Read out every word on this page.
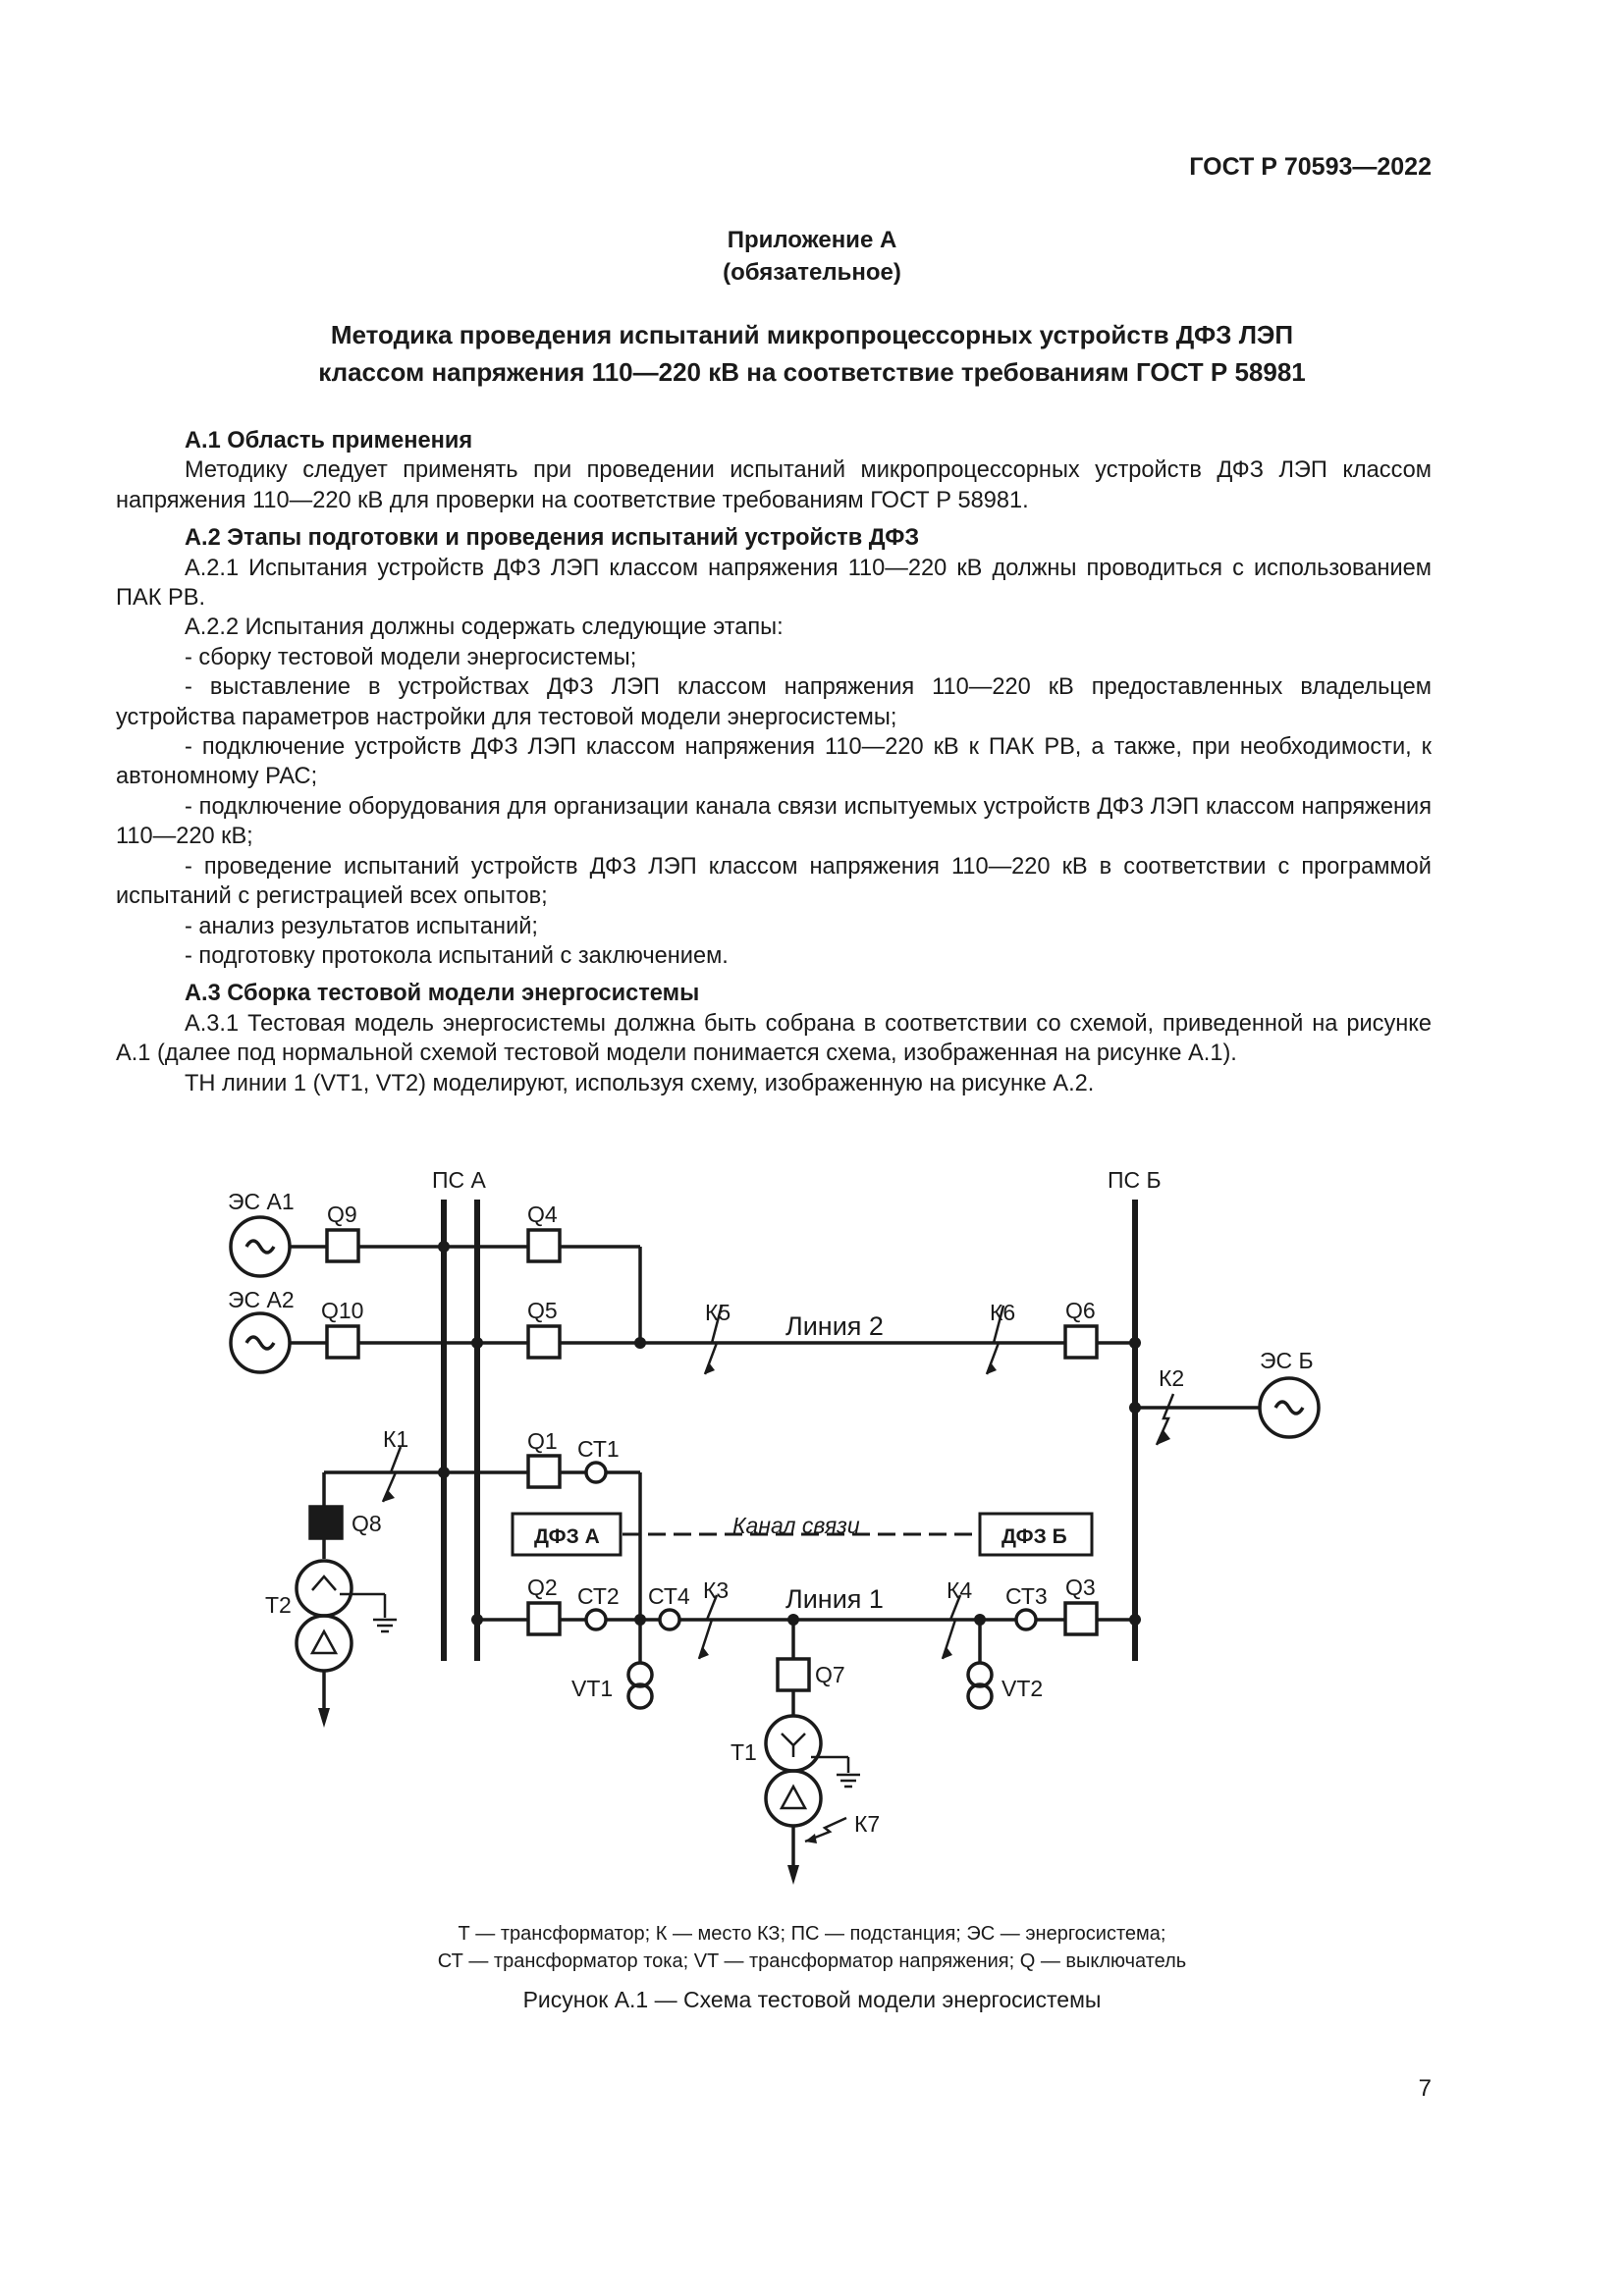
ГОСТ Р 70593—2022
Приложение А
(обязательное)
Методика проведения испытаний микропроцессорных устройств ДФЗ ЛЭП
классом напряжения 110—220 кВ на соответствие требованиям ГОСТ Р 58981

А.1 Область применения

Методику следует применять при проведении испытаний микропроцессорных устройств ДФЗ ЛЭП классом напряжения 110—220 кВ для проверки на соответствие требованиям ГОСТ Р 58981.

А.2 Этапы подготовки и проведения испытаний устройств ДФЗ

А.2.1 Испытания устройств ДФЗ ЛЭП классом напряжения 110—220 кВ должны проводиться с использованием ПАК РВ.

А.2.2 Испытания должны содержать следующие этапы:

- сборку тестовой модели энергосистемы;

- выставление в устройствах ДФЗ ЛЭП классом напряжения 110—220 кВ предоставленных владельцем устройства параметров настройки для тестовой модели энергосистемы;

- подключение устройств ДФЗ ЛЭП классом напряжения 110—220 кВ к ПАК РВ, а также, при необходимости, к автономному РАС;

- подключение оборудования для организации канала связи испытуемых устройств ДФЗ ЛЭП классом напряжения 110—220 кВ;

- проведение испытаний устройств ДФЗ ЛЭП классом напряжения 110—220 кВ в соответствии с программой испытаний с регистрацией всех опытов;

- анализ результатов испытаний;

- подготовку протокола испытаний с заключением.

А.3 Сборка тестовой модели энергосистемы

А.3.1 Тестовая модель энергосистемы должна быть собрана в соответствии со схемой, приведенной на рисунке А.1 (далее под нормальной схемой тестовой модели понимается схема, изображенная на рисунке А.1).

ТН линии 1 (VT1, VT2) моделируют, используя схему, изображенную на рисунке А.2.

ПС А	ПС Б
ЭС А1
ЭС А2
ЭС Б
Q9	Q4
Q10	Q5	Q6
К5	К6
Линия 2
К2
К1	Q1 СТ1
Q8
ДФЗ А	ДФЗ Б
Канал связи
Т2
Q2 СТ2 СТ4 К3 Линия 1	К4 СТ3 Q3
VT1	VT2
Q7
Т1
К7
Т — трансформатор; К — место КЗ; ПС — подстанция; ЭС — энергосистема;
СТ — трансформатор тока; VT — трансформатор напряжения; Q — выключатель
Рисунок А.1 — Схема тестовой модели энергосистемы
7
